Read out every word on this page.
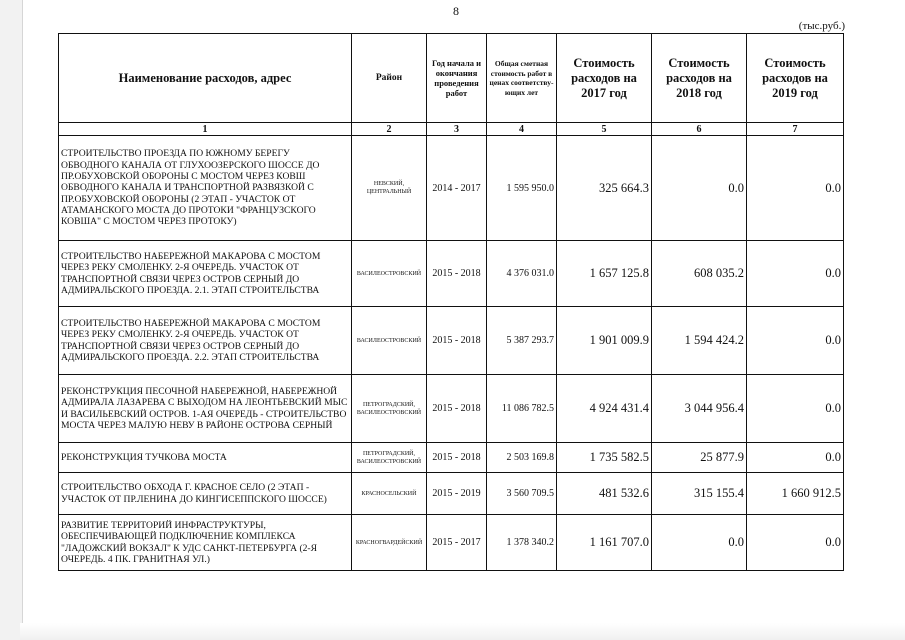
8
(тыс.руб.)
Наименование расходов, адрес	Район	Год начала и окончания проведения работ	Общая сметная стоимость работ в ценах соответству-ющих лет	Стоимость расходов на 2017 год	Стоимость расходов на 2018 год	Стоимость расходов на 2019 год
1	2	3	4	5	6	7
СТРОИТЕЛЬСТВО ПРОЕЗДА ПО ЮЖНОМУ БЕРЕГУ ОБВОДНОГО КАНАЛА ОТ ГЛУХООЗЕРСКОГО ШОССЕ ДО ПР.ОБУХОВСКОЙ ОБОРОНЫ С МОСТОМ ЧЕРЕЗ КОВШ ОБВОДНОГО КАНАЛА И ТРАНСПОРТНОЙ РАЗВЯЗКОЙ С ПР.ОБУХОВСКОЙ ОБОРОНЫ (2 ЭТАП - УЧАСТОК ОТ АТАМАНСКОГО МОСТА ДО ПРОТОКИ "ФРАНЦУЗСКОГО КОВША" С МОСТОМ ЧЕРЕЗ ПРОТОКУ)	НЕВСКИЙ, ЦЕНТРАЛЬНЫЙ	2014 - 2017	1 595 950.0	325 664.3	0.0	0.0
СТРОИТЕЛЬСТВО НАБЕРЕЖНОЙ МАКАРОВА С МОСТОМ ЧЕРЕЗ РЕКУ СМОЛЕНКУ. 2-Я ОЧЕРЕДЬ. УЧАСТОК ОТ ТРАНСПОРТНОЙ СВЯЗИ ЧЕРЕЗ ОСТРОВ СЕРНЫЙ ДО АДМИРАЛЬСКОГО ПРОЕЗДА. 2.1. ЭТАП СТРОИТЕЛЬСТВА	ВАСИЛЕОСТРОВСКИЙ	2015 - 2018	4 376 031.0	1 657 125.8	608 035.2	0.0
СТРОИТЕЛЬСТВО НАБЕРЕЖНОЙ МАКАРОВА С МОСТОМ ЧЕРЕЗ РЕКУ СМОЛЕНКУ. 2-Я ОЧЕРЕДЬ. УЧАСТОК ОТ ТРАНСПОРТНОЙ СВЯЗИ ЧЕРЕЗ ОСТРОВ СЕРНЫЙ ДО АДМИРАЛЬСКОГО ПРОЕЗДА. 2.2. ЭТАП СТРОИТЕЛЬСТВА	ВАСИЛЕОСТРОВСКИЙ	2015 - 2018	5 387 293.7	1 901 009.9	1 594 424.2	0.0
РЕКОНСТРУКЦИЯ ПЕСОЧНОЙ НАБЕРЕЖНОЙ, НАБЕРЕЖНОЙ АДМИРАЛА ЛАЗАРЕВА С ВЫХОДОМ НА ЛЕОНТЬЕВСКИЙ МЫС И ВАСИЛЬЕВСКИЙ ОСТРОВ. 1-АЯ ОЧЕРЕДЬ - СТРОИТЕЛЬСТВО МОСТА ЧЕРЕЗ МАЛУЮ НЕВУ В РАЙОНЕ ОСТРОВА СЕРНЫЙ	ПЕТРОГРАДСКИЙ, ВАСИЛЕОСТРОВСКИЙ	2015 - 2018	11 086 782.5	4 924 431.4	3 044 956.4	0.0
РЕКОНСТРУКЦИЯ ТУЧКОВА МОСТА	ПЕТРОГРАДСКИЙ, ВАСИЛЕОСТРОВСКИЙ	2015 - 2018	2 503 169.8	1 735 582.5	25 877.9	0.0
СТРОИТЕЛЬСТВО ОБХОДА Г. КРАСНОЕ СЕЛО (2 ЭТАП - УЧАСТОК ОТ ПР.ЛЕНИНА ДО КИНГИСЕППСКОГО ШОССЕ)	КРАСНОСЕЛЬСКИЙ	2015 - 2019	3 560 709.5	481 532.6	315 155.4	1 660 912.5
РАЗВИТИЕ ТЕРРИТОРИЙ ИНФРАСТРУКТУРЫ, ОБЕСПЕЧИВАЮЩЕЙ ПОДКЛЮЧЕНИЕ КОМПЛЕКСА "ЛАДОЖСКИЙ ВОКЗАЛ" К УДС САНКТ-ПЕТЕРБУРГА (2-Я ОЧЕРЕДЬ. 4 ПК. ГРАНИТНАЯ УЛ.)	КРАСНОГВАРДЕЙСКИЙ	2015 - 2017	1 378 340.2	1 161 707.0	0.0	0.0
